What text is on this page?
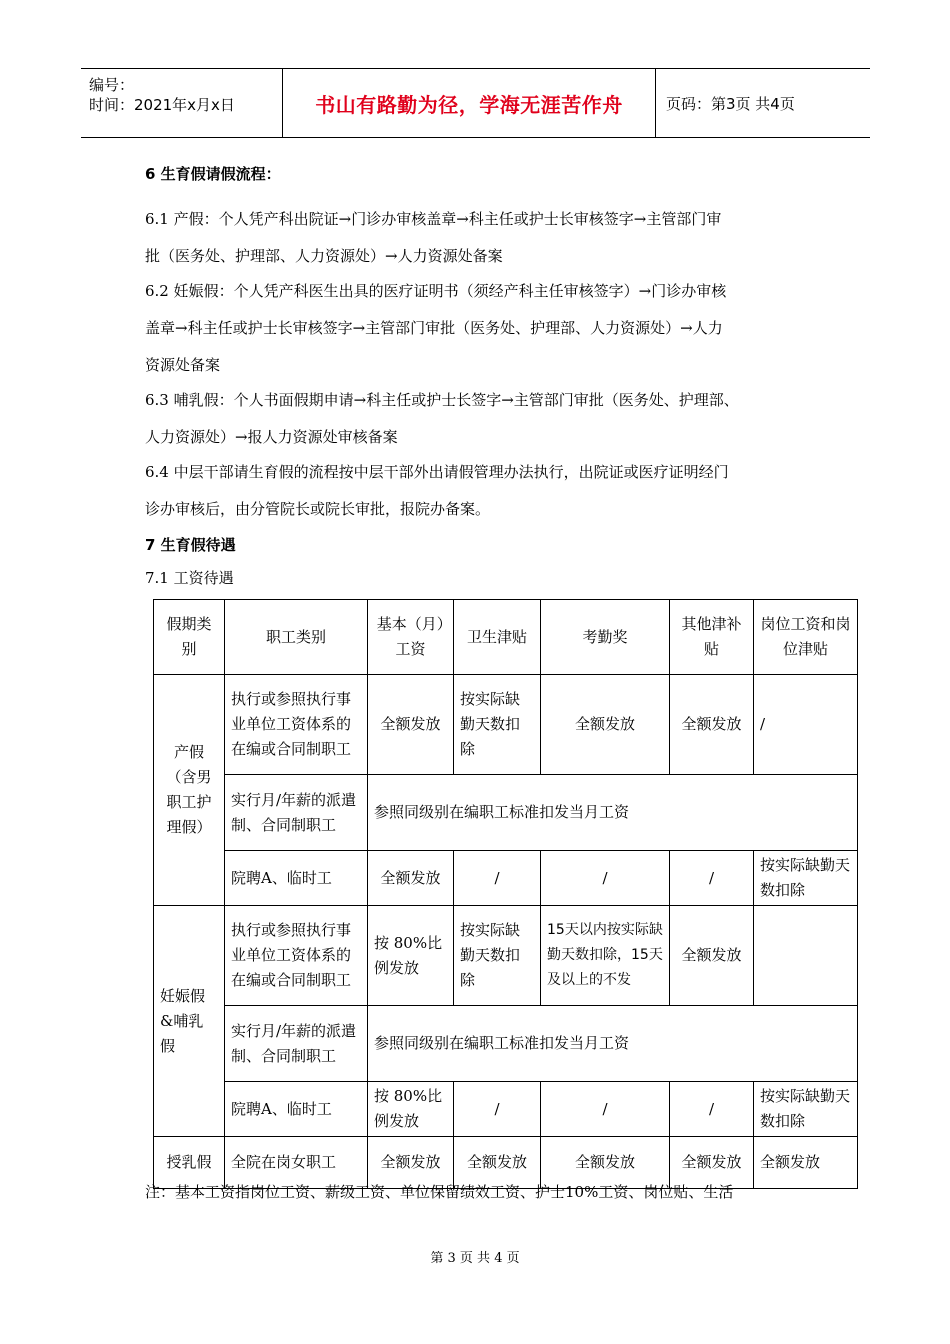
编号：
时间：2021年x月x日	书山有路勤为径，学海无涯苦作舟	页码：第3页 共4页
6 生育假请假流程：
6.1 产假：个人凭产科出院证→门诊办审核盖章→科主任或护士长审核签字→主管部门审
批（医务处、护理部、人力资源处）→人力资源处备案
6.2 妊娠假：个人凭产科医生出具的医疗证明书（须经产科主任审核签字）→门诊办审核
盖章→科主任或护士长审核签字→主管部门审批（医务处、护理部、人力资源处）→人力
资源处备案
6.3 哺乳假：个人书面假期申请→科主任或护士长签字→主管部门审批（医务处、护理部、
人力资源处）→报人力资源处审核备案
6.4 中层干部请生育假的流程按中层干部外出请假管理办法执行，出院证或医疗证明经门
诊办审核后，由分管院长或院长审批，报院办备案。
7 生育假待遇
7.1 工资待遇
假期类别	职工类别	基本（月）工资	卫生津贴	考勤奖	其他津补贴	岗位工资和岗位津贴
产假（含男职工护理假）	执行或参照执行事业单位工资体系的在编或合同制职工	全额发放	按实际缺勤天数扣除	全额发放	全额发放	/
	实行月/年薪的派遣制、合同制职工	参照同级别在编职工标准扣发当月工资				
	院聘A、临时工	全额发放	/	/	/	按实际缺勤天数扣除
妊娠假&哺乳假	执行或参照执行事业单位工资体系的在编或合同制职工	按 80%比例发放	按实际缺勤天数扣除	15天以内按实际缺勤天数扣除，15天及以上的不发	全额发放	
	实行月/年薪的派遣制、合同制职工	参照同级别在编职工标准扣发当月工资				
	院聘A、临时工	按 80%比例发放	/	/	/	按实际缺勤天数扣除
授乳假	全院在岗女职工	全额发放	全额发放	全额发放	全额发放	全额发放
注：基本工资指岗位工资、薪级工资、单位保留绩效工资、护士10%工资、岗位贴、生活
第 3 页 共 4 页
